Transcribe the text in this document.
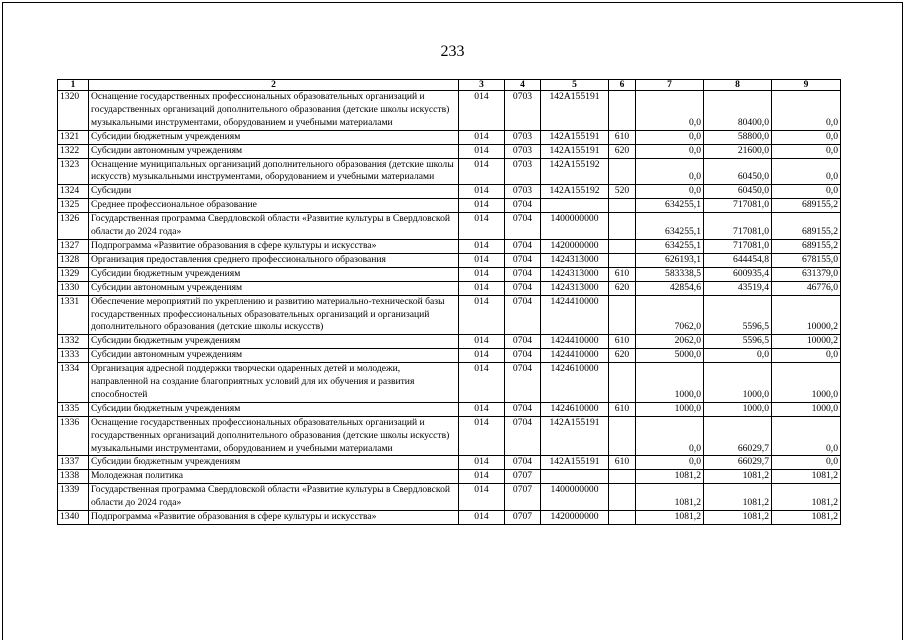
233
1	2	3	4	5	6	7	8	9
1320	Оснащение государственных профессиональных образовательных организаций и государственных организаций дополнительного образования (детские школы искусств) музыкальными инструментами, оборудованием и учебными материалами	014	0703	142А155191		0,0	80400,0	0,0
1321	Субсидии бюджетным учреждениям	014	0703	142А155191	610	0,0	58800,0	0,0
1322	Субсидии автономным учреждениям	014	0703	142А155191	620	0,0	21600,0	0,0
1323	Оснащение муниципальных организаций дополнительного образования (детские школы искусств) музыкальными инструментами, оборудованием и учебными материалами	014	0703	142А155192		0,0	60450,0	0,0
1324	Субсидии	014	0703	142А155192	520	0,0	60450,0	0,0
1325	Среднее профессиональное образование	014	0704			634255,1	717081,0	689155,2
1326	Государственная программа Свердловской области «Развитие культуры в Свердловской области до 2024 года»	014	0704	1400000000		634255,1	717081,0	689155,2
1327	Подпрограмма «Развитие образования в сфере культуры и искусства»	014	0704	1420000000		634255,1	717081,0	689155,2
1328	Организация предоставления среднего профессионального образования	014	0704	1424313000		626193,1	644454,8	678155,0
1329	Субсидии бюджетным учреждениям	014	0704	1424313000	610	583338,5	600935,4	631379,0
1330	Субсидии автономным учреждениям	014	0704	1424313000	620	42854,6	43519,4	46776,0
1331	Обеспечение мероприятий по укреплению и развитию материально-технической базы государственных профессиональных образовательных организаций и организаций дополнительного образования (детские школы искусств)	014	0704	1424410000		7062,0	5596,5	10000,2
1332	Субсидии бюджетным учреждениям	014	0704	1424410000	610	2062,0	5596,5	10000,2
1333	Субсидии автономным учреждениям	014	0704	1424410000	620	5000,0	0,0	0,0
1334	Организация адресной поддержки творчески одаренных детей и молодежи, направленной на создание благоприятных условий для их обучения и развития способностей	014	0704	1424610000		1000,0	1000,0	1000,0
1335	Субсидии бюджетным учреждениям	014	0704	1424610000	610	1000,0	1000,0	1000,0
1336	Оснащение государственных профессиональных образовательных организаций и государственных организаций дополнительного образования (детские школы искусств) музыкальными инструментами, оборудованием и учебными материалами	014	0704	142А155191		0,0	66029,7	0,0
1337	Субсидии бюджетным учреждениям	014	0704	142А155191	610	0,0	66029,7	0,0
1338	Молодежная политика	014	0707			1081,2	1081,2	1081,2
1339	Государственная программа Свердловской области «Развитие культуры в Свердловской области до 2024 года»	014	0707	1400000000		1081,2	1081,2	1081,2
1340	Подпрограмма «Развитие образования в сфере культуры и искусства»	014	0707	1420000000		1081,2	1081,2	1081,2
